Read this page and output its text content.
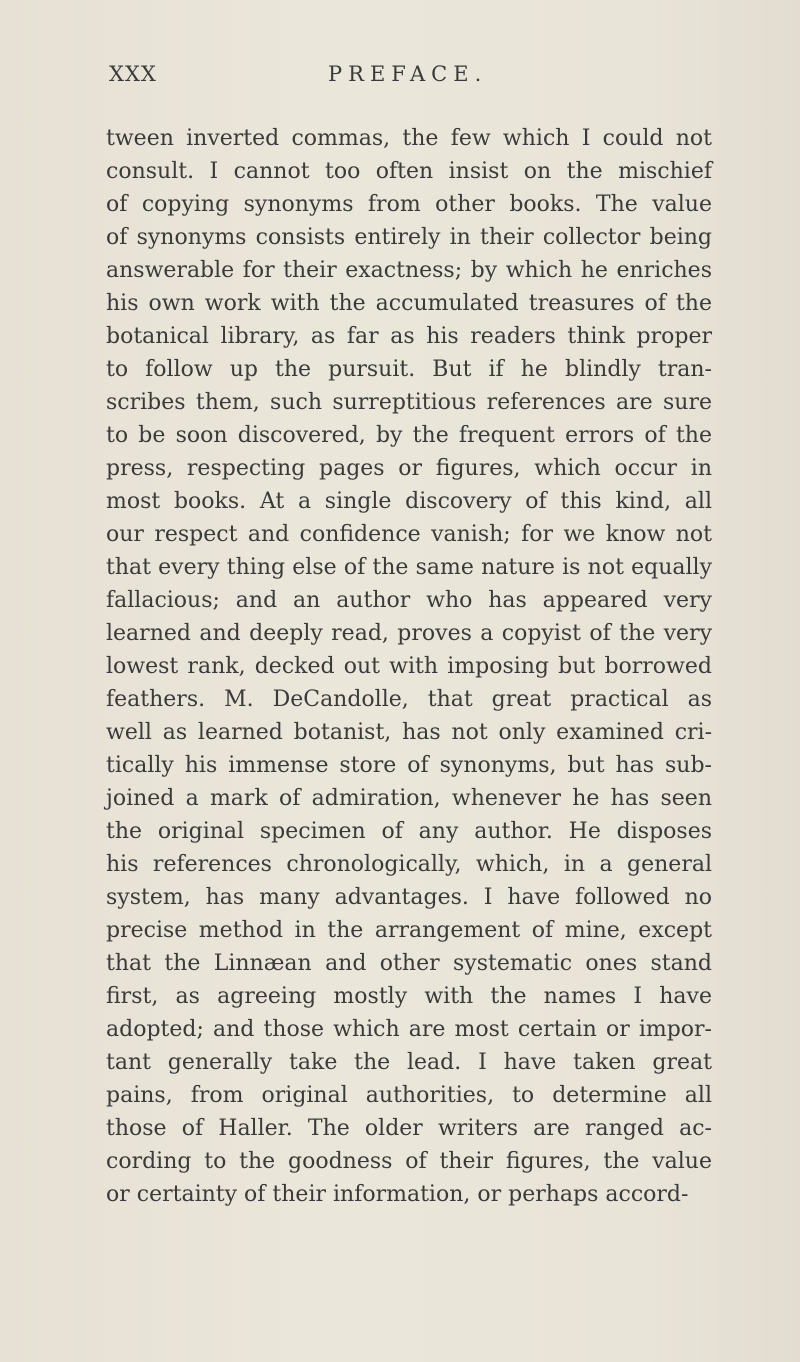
XXX	PREFACE.
tween inverted commas, the few which I could not
consult. I cannot too often insist on the mischief
of copying synonyms from other books. The value
of synonyms consists entirely in their collector being
answerable for their exactness; by which he enriches
his own work with the accumulated treasures of the
botanical library, as far as his readers think proper
to follow up the pursuit. But if he blindly tran-
scribes them, such surreptitious references are sure
to be soon discovered, by the frequent errors of the
press, respecting pages or figures, which occur in
most books. At a single discovery of this kind, all
our respect and confidence vanish; for we know not
that every thing else of the same nature is not equally
fallacious; and an author who has appeared very
learned and deeply read, proves a copyist of the very
lowest rank, decked out with imposing but borrowed
feathers. M. DeCandolle, that great practical as
well as learned botanist, has not only examined cri-
tically his immense store of synonyms, but has sub-
joined a mark of admiration, whenever he has seen
the original specimen of any author. He disposes
his references chronologically, which, in a general
system, has many advantages. I have followed no
precise method in the arrangement of mine, except
that the Linnæan and other systematic ones stand
first, as agreeing mostly with the names I have
adopted; and those which are most certain or impor-
tant generally take the lead. I have taken great
pains, from original authorities, to determine all
those of Haller. The older writers are ranged ac-
cording to the goodness of their figures, the value
or certainty of their information, or perhaps accord-
